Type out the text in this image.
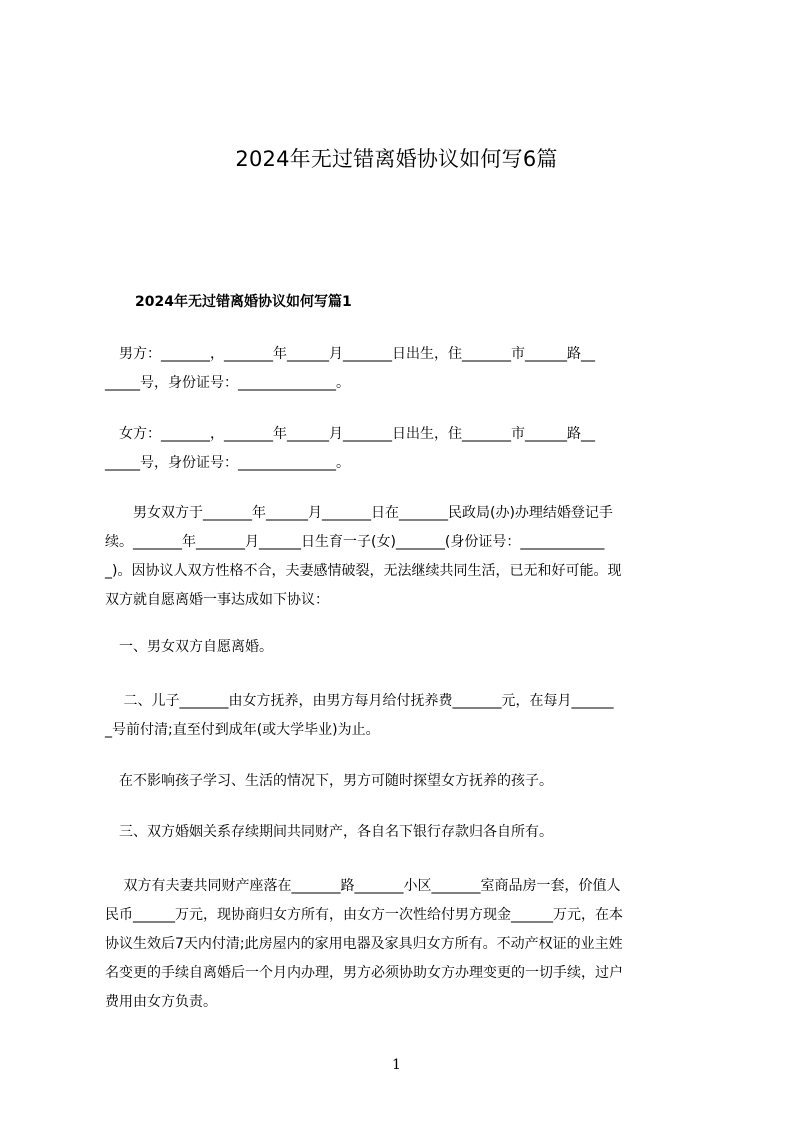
2024年无过错离婚协议如何写6篇
2024年无过错离婚协议如何写篇1
　男方：_______，_______年______月_______日出生，住_______市______路__
_____号，身份证号：______________。
　女方：_______，_______年______月_______日出生，住_______市______路__
_____号，身份证号：______________。
　　男女双方于_______年______月_______日在_______民政局(办)办理结婚登记手
续。_______年_______月______日生育一子(女)_______(身份证号：____________
_)。因协议人双方性格不合，夫妻感情破裂，无法继续共同生活，已无和好可能。现
双方就自愿离婚一事达成如下协议：
　一、男女双方自愿离婚。
　 二、儿子_______由女方抚养，由男方每月给付抚养费_______元，在每月______
_号前付清;直至付到成年(或大学毕业)为止。
　在不影响孩子学习、生活的情况下，男方可随时探望女方抚养的孩子。
　三、双方婚姻关系存续期间共同财产，各自名下银行存款归各自所有。
　 双方有夫妻共同财产座落在_______路_______小区_______室商品房一套，价值人
民币______万元，现协商归女方所有，由女方一次性给付男方现金______万元，在本
协议生效后7天内付清;此房屋内的家用电器及家具归女方所有。不动产权证的业主姓
名变更的手续自离婚后一个月内办理，男方必须协助女方办理变更的一切手续，过户
费用由女方负责。
1
